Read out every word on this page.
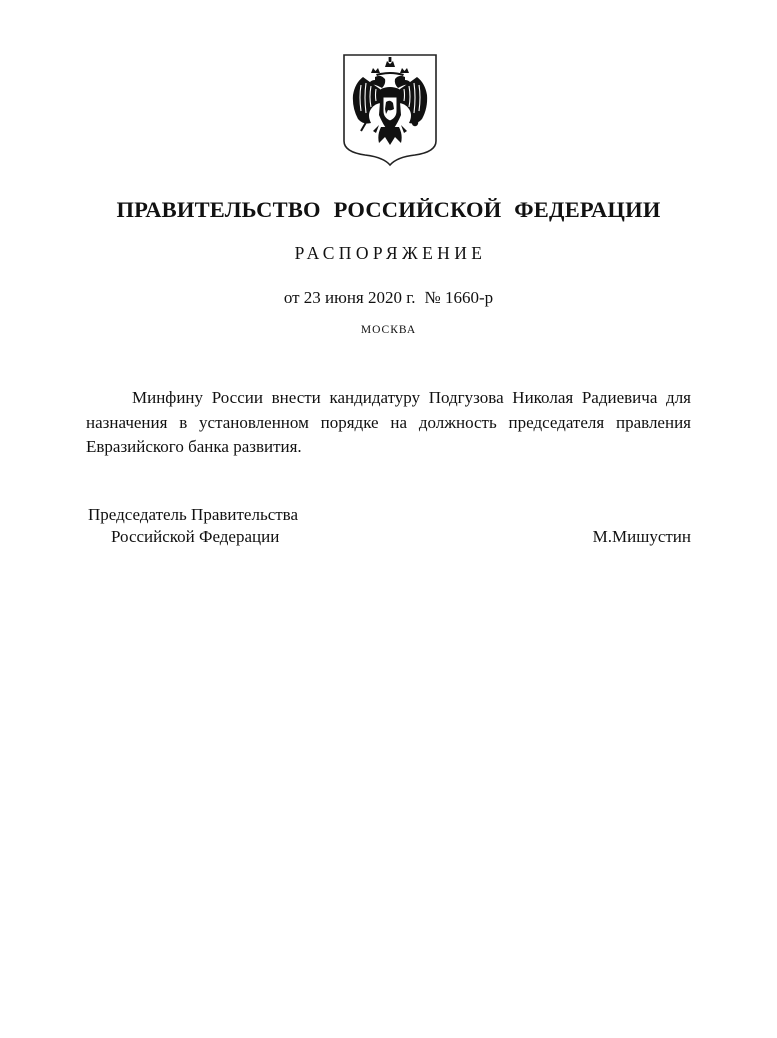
ПРАВИТЕЛЬСТВО РОССИЙСКОЙ ФЕДЕРАЦИИ
РАСПОРЯЖЕНИЕ
от 23 июня 2020 г. № 1660-р
МОСКВА

Минфину России внести кандидатуру Подгузова Николая Радиевича для назначения в установленном порядке на должность председателя правления Евразийского банка развития.

Председатель Правительства
Российской Федерации	М.Мишустин
